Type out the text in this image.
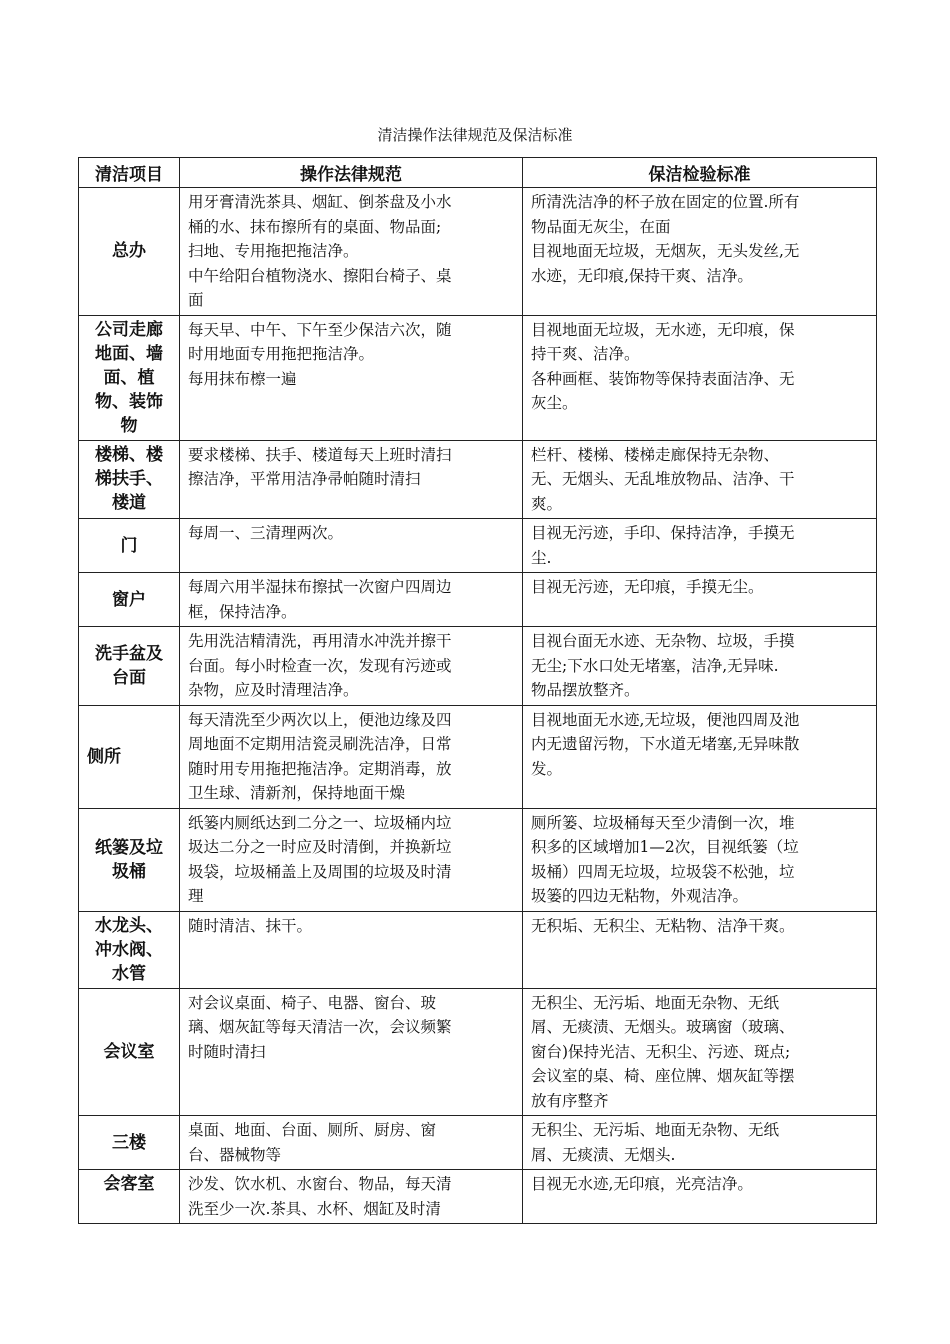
清洁操作法律规范及保洁标准
清洁项目	操作法律规范	保洁检验标准
总办	用牙膏清洗茶具、烟缸、倒茶盘及小水
桶的水、抹布擦所有的桌面、物品面;
扫地、专用拖把拖洁净。
中午给阳台植物浇水、擦阳台椅子、桌
面	所清洗洁净的杯子放在固定的位置.所有
物品面无灰尘，在面
目视地面无垃圾，无烟灰，无头发丝,无
水迹，无印痕,保持干爽、洁净。

公司走廊
地面、墙
面、植
物、装饰
物	每天早、中午、下午至少保洁六次，随
时用地面专用拖把拖洁净。
每用抹布檫一遍	目视地面无垃圾，无水迹，无印痕，保
持干爽、洁净。
各种画框、装饰物等保持表面洁净、无
灰尘。

楼梯、楼
梯扶手、
楼道	要求楼梯、扶手、楼道每天上班时清扫
擦洁净，平常用洁净帚帕随时清扫	栏杆、楼梯、楼梯走廊保持无杂物、
无、无烟头、无乱堆放物品、洁净、干
爽。

门	每周一、三清理两次。	目视无污迹，手印、保持洁净，手摸无
尘.

窗户	每周六用半湿抹布擦拭一次窗户四周边
框，保持洁净。	目视无污迹，无印痕，手摸无尘。

洗手盆及
台面	先用洗洁精清洗，再用清水冲洗并擦干
台面。每小时检查一次，发现有污迹或
杂物，应及时清理洁净。	目视台面无水迹、无杂物、垃圾，手摸
无尘;下水口处无堵塞，洁净,无异味.
物品摆放整齐。

侧所	每天清洗至少两次以上，便池边缘及四
周地面不定期用洁瓷灵刷洗洁净，日常
随时用专用拖把拖洁净。定期消毒，放
卫生球、清新剂，保持地面干燥	目视地面无水迹,无垃圾，便池四周及池
内无遗留污物，下水道无堵塞,无异味散
发。

纸篓及垃
圾桶	纸篓内厕纸达到二分之一、垃圾桶内垃
圾达二分之一时应及时清倒，并换新垃
圾袋，垃圾桶盖上及周围的垃圾及时清
理	厕所篓、垃圾桶每天至少清倒一次，堆
积多的区域增加1—2次，目视纸篓（垃
圾桶）四周无垃圾，垃圾袋不松弛，垃
圾篓的四边无粘物，外观洁净。

水龙头、
冲水阀、
水管	随时清洁、抹干。	无积垢、无积尘、无粘物、洁净干爽。

会议室	对会议桌面、椅子、电器、窗台、玻
璃、烟灰缸等每天清洁一次，会议频繁
时随时清扫	无积尘、无污垢、地面无杂物、无纸
屑、无痰渍、无烟头。玻璃窗（玻璃、
窗台)保持光洁、无积尘、污迹、斑点;
会议室的桌、椅、座位牌、烟灰缸等摆
放有序整齐

三楼	桌面、地面、台面、厕所、厨房、窗
台、器械物等	无积尘、无污垢、地面无杂物、无纸
屑、无痰渍、无烟头.

会客室	沙发、饮水机、水窗台、物品，每天清
洗至少一次.茶具、水杯、烟缸及时清	目视无水迹,无印痕，光亮洁净。
